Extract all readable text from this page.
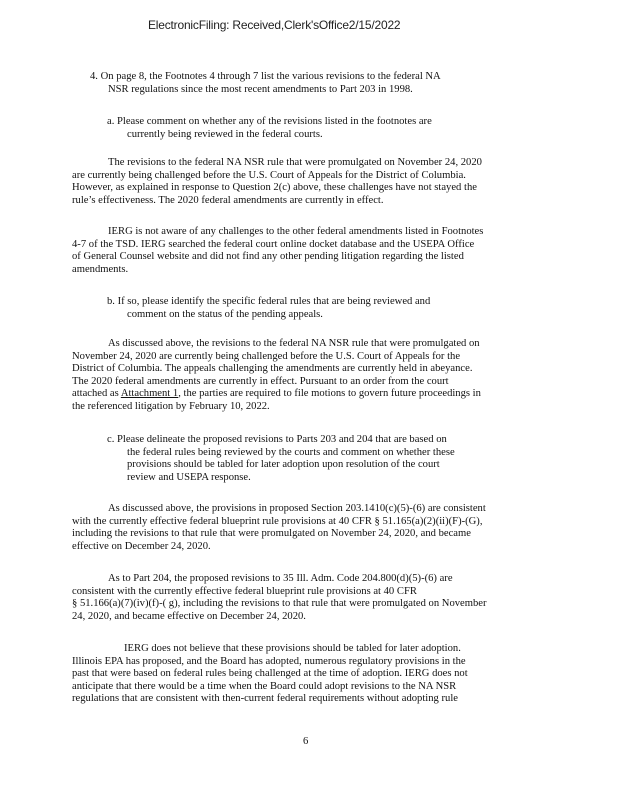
ElectronicFiling: Received,Clerk'sOffice2/15/2022
4. On page 8, the Footnotes 4 through 7 list the various revisions to the federal NA
NSR regulations since the most recent amendments to Part 203 in 1998.
a. Please comment on whether any of the revisions listed in the footnotes are
currently being reviewed in the federal courts.
The revisions to the federal NA NSR rule that were promulgated on November 24, 2020
are currently being challenged before the U.S. Court of Appeals for the District of Columbia.
However, as explained in response to Question 2(c) above, these challenges have not stayed the
rule’s effectiveness. The 2020 federal amendments are currently in effect.
IERG is not aware of any challenges to the other federal amendments listed in Footnotes
4-7 of the TSD. IERG searched the federal court online docket database and the USEPA Office
of General Counsel website and did not find any other pending litigation regarding the listed
amendments.
b. If so, please identify the specific federal rules that are being reviewed and
comment on the status of the pending appeals.
As discussed above, the revisions to the federal NA NSR rule that were promulgated on
November 24, 2020 are currently being challenged before the U.S. Court of Appeals for the
District of Columbia. The appeals challenging the amendments are currently held in abeyance.
The 2020 federal amendments are currently in effect. Pursuant to an order from the court
attached as Attachment 1, the parties are required to file motions to govern future proceedings in
the referenced litigation by February 10, 2022.
c. Please delineate the proposed revisions to Parts 203 and 204 that are based on
the federal rules being reviewed by the courts and comment on whether these
provisions should be tabled for later adoption upon resolution of the court
review and USEPA response.
As discussed above, the provisions in proposed Section 203.1410(c)(5)-(6) are consistent
with the currently effective federal blueprint rule provisions at 40 CFR § 51.165(a)(2)(ii)(F)-(G),
including the revisions to that rule that were promulgated on November 24, 2020, and became
effective on December 24, 2020.
As to Part 204, the proposed revisions to 35 Ill. Adm. Code 204.800(d)(5)-(6) are
consistent with the currently effective federal blueprint rule provisions at 40 CFR
§ 51.166(a)(7)(iv)(f)-( g), including the revisions to that rule that were promulgated on November
24, 2020, and became effective on December 24, 2020.
IERG does not believe that these provisions should be tabled for later adoption.
Illinois EPA has proposed, and the Board has adopted, numerous regulatory provisions in the
past that were based on federal rules being challenged at the time of adoption. IERG does not
anticipate that there would be a time when the Board could adopt revisions to the NA NSR
regulations that are consistent with then-current federal requirements without adopting rule
6
